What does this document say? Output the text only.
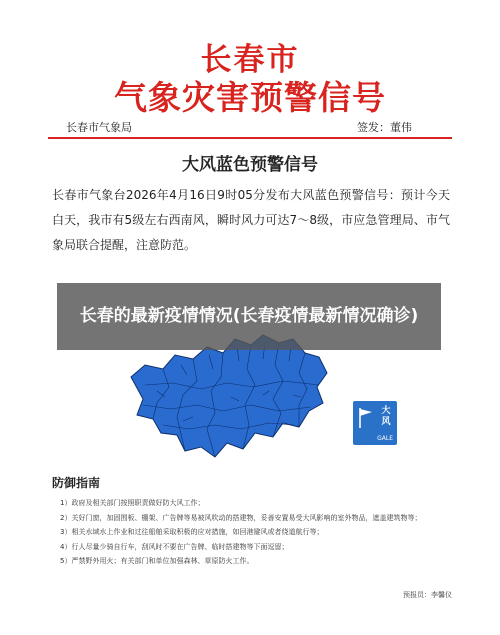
长春市
气象灾害预警信号
长春市气象局	签发：董伟
大风蓝色预警信号
长春市气象台2026年4月16日9时05分发布大风蓝色预警信号：预计今天白天，我市有5级左右西南风，瞬时风力可达7～8级，市应急管理局、市气象局联合提醒，注意防范。
大风
GALE
防御指南
1）政府及相关部门按照职责做好防大风工作；
2）关好门窗，加固围板、棚架、广告牌等易被风吹动的搭建物，妥善安置易受大风影响的室外物品，遮盖建筑物等；
3）相关水域水上作业和过往船舶采取积极的应对措施，如回港避风或者绕道航行等；
4）行人尽量少骑自行车，刮风时不要在广告牌、临时搭建物等下面逗留；
5）严禁野外用火；有关部门和单位加强森林、草原防火工作。
预报员：李馨仪
长春的最新疫情情况(长春疫情最新情况确诊)
